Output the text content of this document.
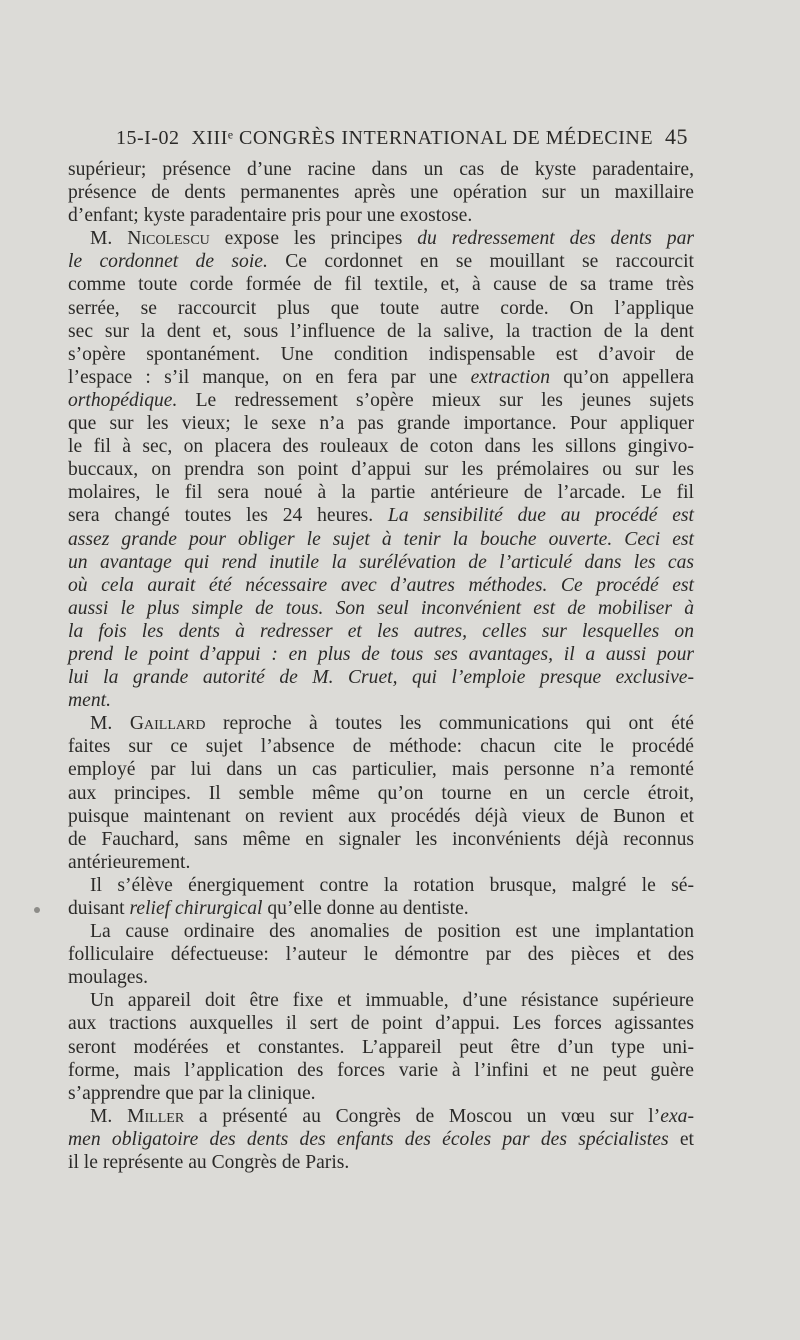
15-I-02 XIIIᵉ CONGRÈS INTERNATIONAL DE MÉDECINE 45
supérieur; présence d’une racine dans un cas de kyste paradentaire,
présence de dents permanentes après une opération sur un maxillaire
d’enfant; kyste paradentaire pris pour une exostose.
M. Nicolescu expose les principes du redressement des dents par
le cordonnet de soie. Ce cordonnet en se mouillant se raccourcit
comme toute corde formée de fil textile, et, à cause de sa trame très
serrée, se raccourcit plus que toute autre corde. On l’applique
sec sur la dent et, sous l’influence de la salive, la traction de la dent
s’opère spontanément. Une condition indispensable est d’avoir de
l’espace : s’il manque, on en fera par une extraction qu’on appellera
orthopédique. Le redressement s’opère mieux sur les jeunes sujets
que sur les vieux; le sexe n’a pas grande importance. Pour appliquer
le fil à sec, on placera des rouleaux de coton dans les sillons gingivo-
buccaux, on prendra son point d’appui sur les prémolaires ou sur les
molaires, le fil sera noué à la partie antérieure de l’arcade. Le fil
sera changé toutes les 24 heures. La sensibilité due au procédé est
assez grande pour obliger le sujet à tenir la bouche ouverte. Ceci est
un avantage qui rend inutile la surélévation de l’articulé dans les cas
où cela aurait été nécessaire avec d’autres méthodes. Ce procédé est
aussi le plus simple de tous. Son seul inconvénient est de mobiliser à
la fois les dents à redresser et les autres, celles sur lesquelles on
prend le point d’appui : en plus de tous ses avantages, il a aussi pour
lui la grande autorité de M. Cruet, qui l’emploie presque exclusive-
ment.
M. Gaillard reproche à toutes les communications qui ont été
faites sur ce sujet l’absence de méthode: chacun cite le procédé
employé par lui dans un cas particulier, mais personne n’a remonté
aux principes. Il semble même qu’on tourne en un cercle étroit,
puisque maintenant on revient aux procédés déjà vieux de Bunon et
de Fauchard, sans même en signaler les inconvénients déjà reconnus
antérieurement.
Il s’élève énergiquement contre la rotation brusque, malgré le sé-
duisant relief chirurgical qu’elle donne au dentiste.
La cause ordinaire des anomalies de position est une implantation
folliculaire défectueuse: l’auteur le démontre par des pièces et des
moulages.
Un appareil doit être fixe et immuable, d’une résistance supérieure
aux tractions auxquelles il sert de point d’appui. Les forces agissantes
seront modérées et constantes. L’appareil peut être d’un type uni-
forme, mais l’application des forces varie à l’infini et ne peut guère
s’apprendre que par la clinique.
M. Miller a présenté au Congrès de Moscou un vœu sur l’exa-
men obligatoire des dents des enfants des écoles par des spécialistes et
il le représente au Congrès de Paris.
